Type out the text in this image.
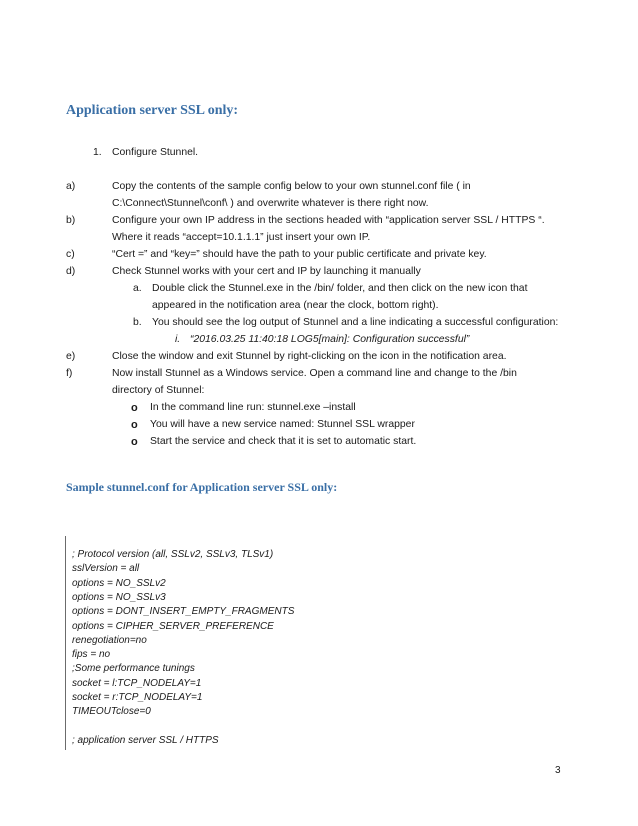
Application server SSL only:
1. Configure Stunnel.
a)	Copy the contents of the sample config below to your own stunnel.conf file ( in
C:\Connect\Stunnel\conf\ ) and overwrite whatever is there right now.
b)	Configure your own IP address in the sections headed with “application server SSL / HTTPS “.
Where it reads “accept=10.1.1.1” just insert your own IP.
c)	“Cert =” and “key=” should have the path to your public certificate and private key.
d)	Check Stunnel works with your cert and IP by launching it manually
a. Double click the Stunnel.exe in the /bin/ folder, and then click on the new icon that
appeared in the notification area (near the clock, bottom right).
b. You should see the log output of Stunnel and a line indicating a successful configuration:
i. “2016.03.25 11:40:18 LOG5[main]: Configuration successful”
e)	Close the window and exit Stunnel by right-clicking on the icon in the notification area.
f)	Now install Stunnel as a Windows service. Open a command line and change to the /bin
directory of Stunnel:
o In the command line run: stunnel.exe –install
o You will have a new service named: Stunnel SSL wrapper
o Start the service and check that it is set to automatic start.
Sample stunnel.conf for Application server SSL only:
; Protocol version (all, SSLv2, SSLv3, TLSv1)
sslVersion = all
options = NO_SSLv2
options = NO_SSLv3
options = DONT_INSERT_EMPTY_FRAGMENTS
options = CIPHER_SERVER_PREFERENCE
renegotiation=no
fips = no
;Some performance tunings
socket = l:TCP_NODELAY=1
socket = r:TCP_NODELAY=1
TIMEOUTclose=0
; application server SSL / HTTPS
3
